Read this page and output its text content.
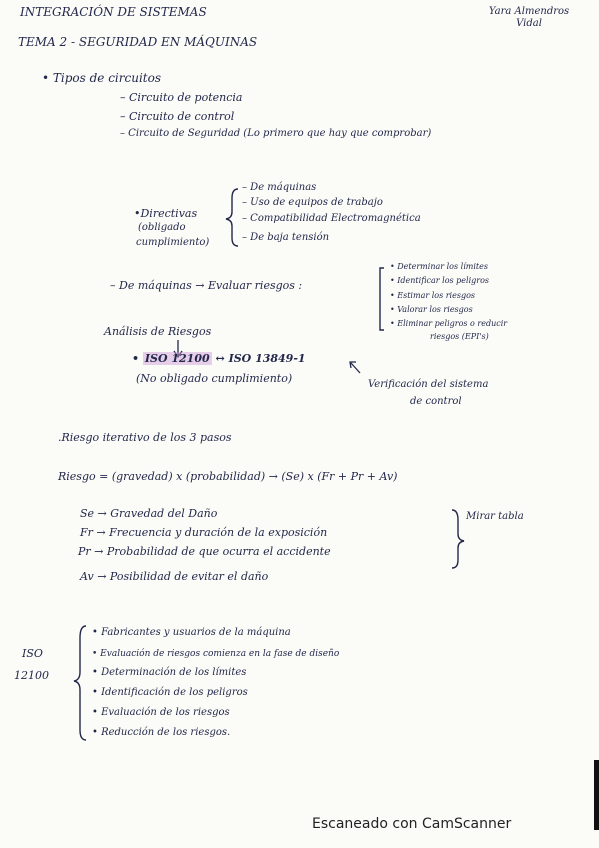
INTEGRACIÓN DE SISTEMAS	Yara Almendros Vidal
TEMA 2 - SEGURIDAD EN MÁQUINAS
• Tipos de circuitos
– Circuito de potencia
– Circuito de control
– Circuito de Seguridad (Lo primero que hay que comprobar)
•Directivas
(obligado
cumplimiento)
– De máquinas
– Uso de equipos de trabajo
– Compatibilidad Electromagnética
– De baja tensión
– De máquinas → Evaluar riesgos :
• Determinar los límites
• Identificar los peligros
• Estimar los riesgos
• Valorar los riesgos
• Eliminar peligros o reducir
riesgos (EPI's)
Análisis de Riesgos
• ISO 12100 ↔ ISO 13849-1
(No obligado cumplimiento)	Verificación del sistema
de control
.Riesgo iterativo de los 3 pasos
Riesgo = (gravedad) x (probabilidad) → (Se) x (Fr + Pr + Av)
Se → Gravedad del Daño
Fr → Frecuencia y duración de la exposición
Pr → Probabilidad de que ocurra el accidente
Av → Posibilidad de evitar el daño
Mirar tabla
ISO
12100
• Fabricantes y usuarios de la máquina
• Evaluación de riesgos comienza en la fase de diseño
• Determinación de los límites
• Identificación de los peligros
• Evaluación de los riesgos
• Reducción de los riesgos.
Escaneado con CamScanner
